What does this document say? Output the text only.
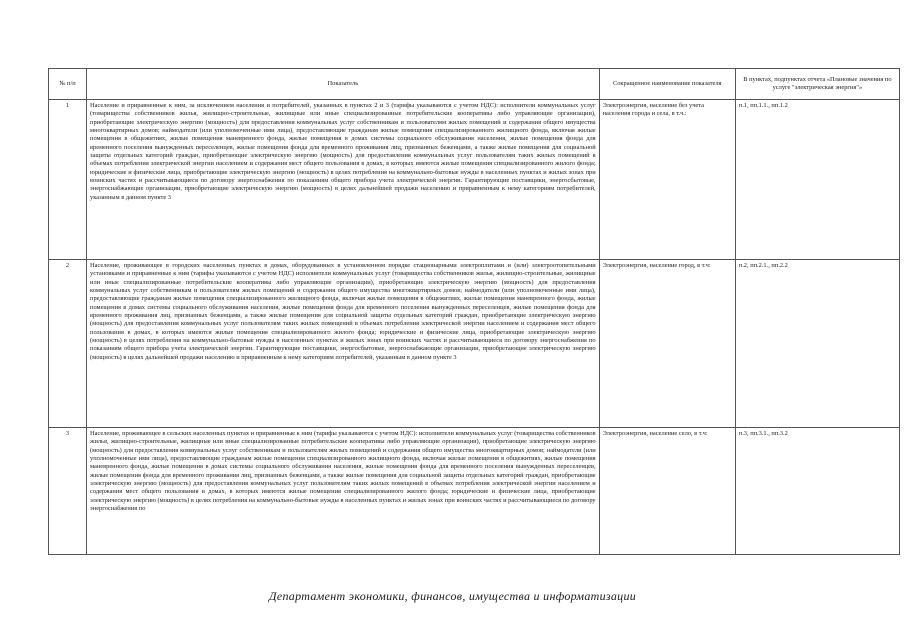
№ п/п	Показатель	Сокращенное наименование показателя	В пунктах, подпунктах отчета «Плановые значения по услуге "электрическая энергия"»
1	Население и приравненные к ним, за исключением населения и потребителей, указанных в пунктах 2 и 3 (тарифы указываются с учетом НДС): исполнители коммунальных услуг (товарищества собственников жилья, жилищно-строительные, жилищные или иные специализированные потребительские кооперативы либо управляющие организации), приобретающие электрическую энергию (мощность) для предоставления коммунальных услуг собственникам и пользователям жилых помещений и содержания общего имущества многоквартирных домов; наймодатели (или уполномоченные ими лица), предоставляющие гражданам жилые помещения специализированного жилищного фонда, включая жилые помещения в общежитиях, жилые помещения маневренного фонда, жилые помещения в домах системы социального обслуживания населения, жилые помещения фонда для временного поселения вынужденных переселенцев, жилые помещения фонда для временного проживания лиц, признанных беженцами, а также жилые помещения для социальной защиты отдельных категорий граждан, приобретающие электрическую энергию (мощность) для предоставления коммунальных услуг пользователям таких жилых помещений в объемах потребления электрической энергии населением и содержания мест общего пользования в домах, в которых имеются жилые помещения специализированного жилого фонда; юридические и физические лица, приобретающие электрическую энергию (мощность) в целях потребления на коммунально-бытовые нужды в населенных пунктах и жилых зонах при воинских частях и рассчитывающиеся по договору энергоснабжения по показаниям общего прибора учета электрической энергии. Гарантирующие поставщики, энергосбытовые, энергоснабжающие организации, приобретающие электрическую энергию (мощность) в целях дальнейшей продажи населению и приравненным к нему категориям потребителей, указанным в данном пункте 3	Электроэнергия, население без учета населения города и села, в т.ч.:	п.1, пп.1.1., пп.1.2
2	Население, проживающее в городских населенных пунктах в домах, оборудованных в установленном порядке стационарными электроплитами и (или) электроотопительными установками и приравненные к ним (тарифы указываются с учетом НДС) исполнители коммунальных услуг (товарищества собственников жилья, жилищно-строительные, жилищные или иные специализированные потребительские кооперативы либо управляющие организации), приобретающие электрическую энергию (мощность) для предоставления коммунальных услуг собственникам и пользователям жилых помещений и содержания общего имущества многоквартирных домов; наймодатели (или уполномоченные ими лица), предоставляющие гражданам жилые помещения специализированного жилищного фонда, включая жилые помещения в общежитиях, жилые помещения маневренного фонда, жилые помещения в домах системы социального обслуживания населения, жилые помещения фонда для временного поселения вынужденных переселенцев, жилые помещения фонда для временного проживания лиц, признанных беженцами, а также жилые помещения для социальной защиты отдельных категорий граждан, приобретающие электрическую энергию (мощность) для предоставления коммунальных услуг пользователям таких жилых помещений в объемах потребления электрической энергии населением и содержания мест общего пользования в домах, в которых имеются жилые помещения специализированного жилого фонда; юридические и физические лица, приобретающие электрическую энергию (мощность) в целях потребления на коммунально-бытовые нужды в населенных пунктах и жилых зонах при воинских частях и рассчитывающиеся по договору энергоснабжения по показаниям общего прибора учета электрической энергии. Гарантирующие поставщики, энергосбытовые, энергоснабжающие организации, приобретающие электрическую энергию (мощность) в целях дальнейшей продажи населению и приравненным к нему категориям потребителей, указанным в данном пункте 3	Электроэнергия, население город, в т.ч:	п.2, пп.2.1., пп.2.2
3	Население, проживающее в сельских населенных пунктах и приравненные к ним (тарифы указываются с учетом НДС): исполнители коммунальных услуг (товарищества собственников жилья, жилищно-строительные, жилищные или иные специализированные потребительские кооперативы либо управляющие организации), приобретающие электрическую энергию (мощность) для предоставления коммунальных услуг собственникам и пользователям жилых помещений и содержания общего имущества многоквартирных домов; наймодатели (или уполномоченные ими лица), предоставляющие гражданам жилые помещения специализированного жилищного фонда, включая жилые помещения в общежитиях, жилые помещения маневренного фонда, жилые помещения в домах системы социального обслуживания населения, жилые помещения фонда для временного поселения вынужденных переселенцев, жилые помещения фонда для временного проживания лиц, признанных беженцами, а также жилые помещения для социальной защиты отдельных категорий граждан, приобретающие электрическую энергию (мощность) для предоставления коммунальных услуг пользователям таких жилых помещений в объемах потребления электрической энергии населением и содержания мест общего пользования в домах, в которых имеются жилые помещения специализированного жилого фонда; юридические и физические лица, приобретающие электрическую энергию (мощность) в целях потребления на коммунально-бытовые нужды в населенных пунктах и жилых зонах при воинских частях и рассчитывающиеся по договору энергоснабжения по	Электроэнергия, население село, в т.ч:	п.3, пп.3.1., пп.3.2
Департамент экономики, финансов, имущества и информатизации
